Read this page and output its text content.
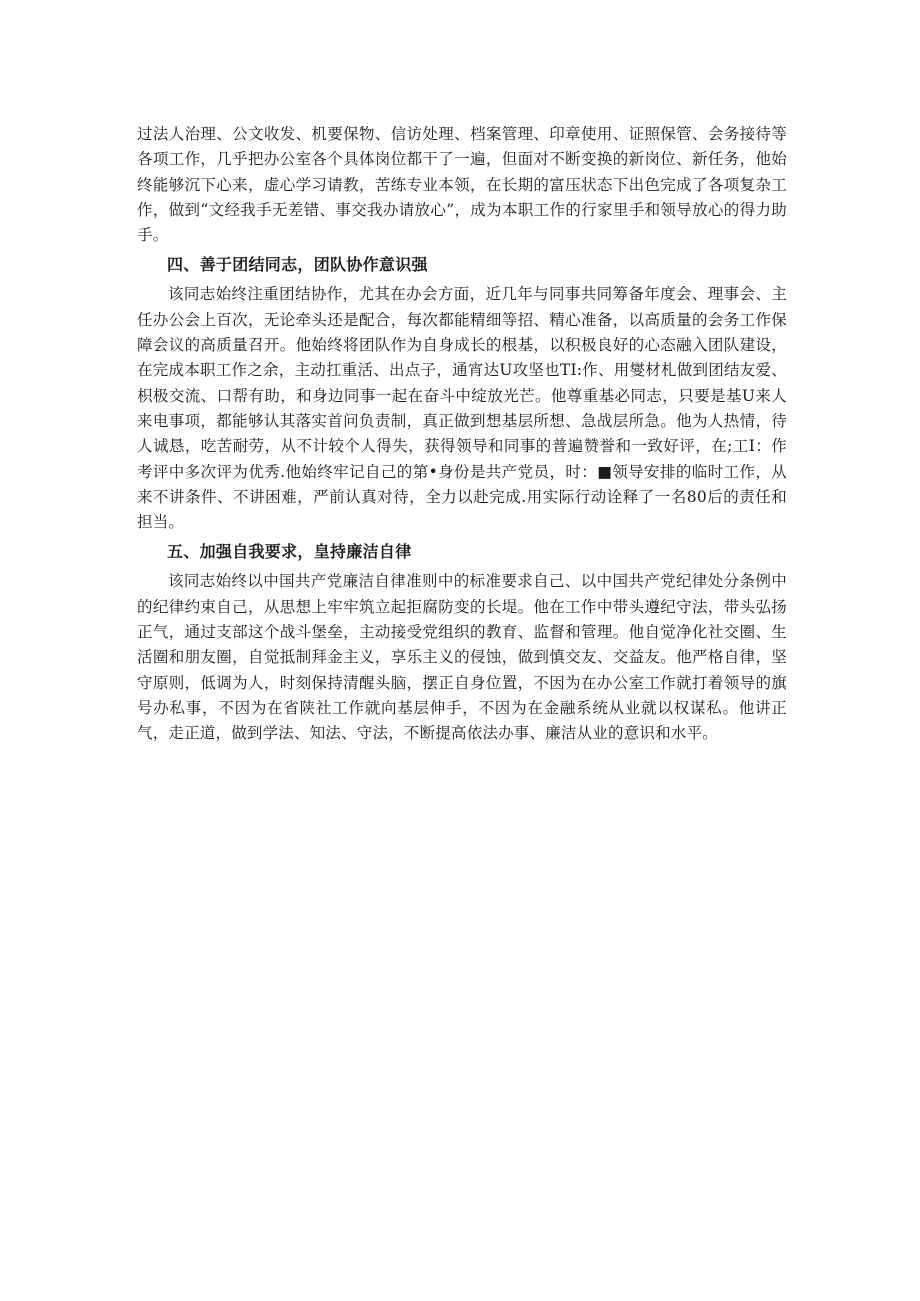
过法人治理、公文收发、机要保物、信访处理、档案管理、印章使用、证照保管、会务接待等各项工作，几乎把办公室各个具体岗位都干了一遍，但面对不断变换的新岗位、新任务，他始终能够沉下心来，虚心学习请教，苦练专业本领，在长期的富压状态下出色完成了各项复杂工作，做到“文经我手无差错、事交我办请放心”，成为本职工作的行家里手和领导放心的得力助手。

四、善于团结同志，团队协作意识强

该同志始终注重团结协作，尤其在办会方面，近几年与同事共同筹备年度会、理事会、主任办公会上百次，无论牵头还是配合，每次都能精细等招、精心准备，以高质量的会务工作保障会议的高质量召开。他始终将团队作为自身成长的根基，以积极良好的心态融入团队建设，在完成本职工作之余，主动扛重活、出点子，通宵达U攻坚也TI:作、用燮材札做到团结友爱、枳极交流、口帮有助，和身边同事一起在奋斗中绽放光芒。他尊重基必同志，只要是基U来人来电事项，都能够认其落实首问负责制，真正做到想基层所想、急战层所急。他为人热情，待人诚恳，吃苦耐劳，从不计较个人得失，获得领导和同事的普遍赞誉和一致好评，在;工I：作考评中多次评为优秀.他始终牢记自己的第•身份是共产党员，时：■领导安排的临时工作，从来不讲条件、不讲困难，严前认真对待，全力以赴完成.用实际行动诠释了一名80后的责任和担当。

五、加强自我要求，皇持廉洁自律

该同志始终以中国共产党廉洁自律准则中的标准要求自己、以中国共产党纪律处分条例中的纪律约束自己，从思想上牢牢筑立起拒腐防变的长堤。他在工作中带头遵纪守法，带头弘扬正气，通过支部这个战斗堡垒，主动接受党组织的教育、监督和管理。他自觉净化社交圈、生活圈和朋友圈，自觉抵制拜金主义，享乐主义的侵蚀，做到慎交友、交益友。他严格自律，坚守原则，低调为人，时刻保持清醒头脑，摆正自身位置，不因为在办公室工作就打着领导的旗号办私事，不因为在省陕社工作就向基层伸手，不因为在金融系统从业就以权谋私。他讲正气，走正道，做到学法、知法、守法，不断提高依法办事、廉洁从业的意识和水平。
